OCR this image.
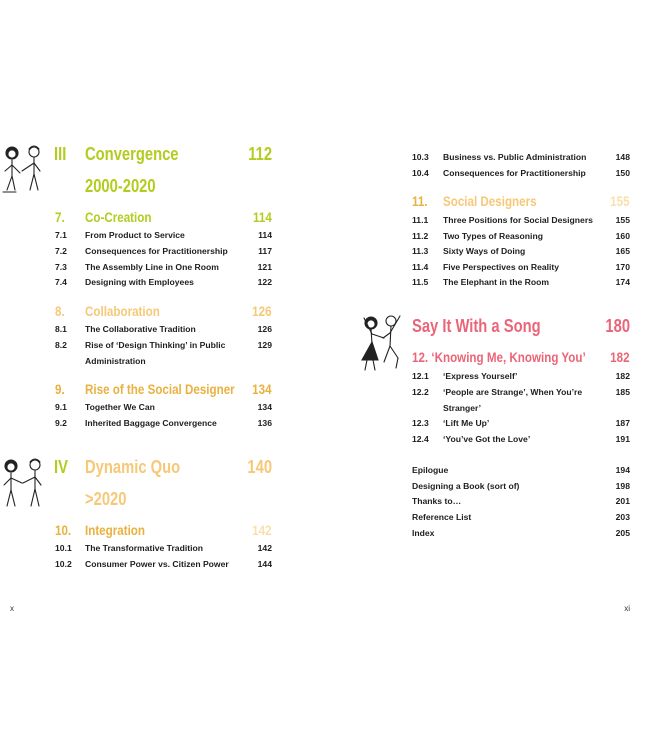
III Convergence	112
2000-2020
7. Co-Creation	114
7.1 From Product to Service	114
7.2 Consequences for Practitionership	117
7.3 The Assembly Line in One Room	121
7.4 Designing with Employees	122
8. Collaboration	126
8.1 The Collaborative Tradition	126
8.2 Rise of ‘Design Thinking’ in Public	129
Administration
9. Rise of the Social Designer 134
9.1 Together We Can	134
9.2 Inherited Baggage Convergence	136
IV Dynamic Quo	140
>2020
10. Integration	142
10.1 The Transformative Tradition	142
10.2 Consumer Power vs. Citizen Power	144
x
10.3 Business vs. Public Administration	148
10.4 Consequences for Practitionership	150
11. Social Designers	155
11.1 Three Positions for Social Designers	155
11.2 Two Types of Reasoning	160
11.3 Sixty Ways of Doing	165
11.4 Five Perspectives on Reality	170
11.5 The Elephant in the Room	174
Say It With a Song	180
12. ‘Knowing Me, Knowing You’ 182
12.1 ‘Express Yourself’	182
12.2 ‘People are Strange’, When You’re	185
Stranger’
12.3 ‘Lift Me Up’	187
12.4 ‘You’ve Got the Love’	191
Epilogue	194
Designing a Book (sort of)	198
Thanks to…	201
Reference List	203
Index	205
xi
